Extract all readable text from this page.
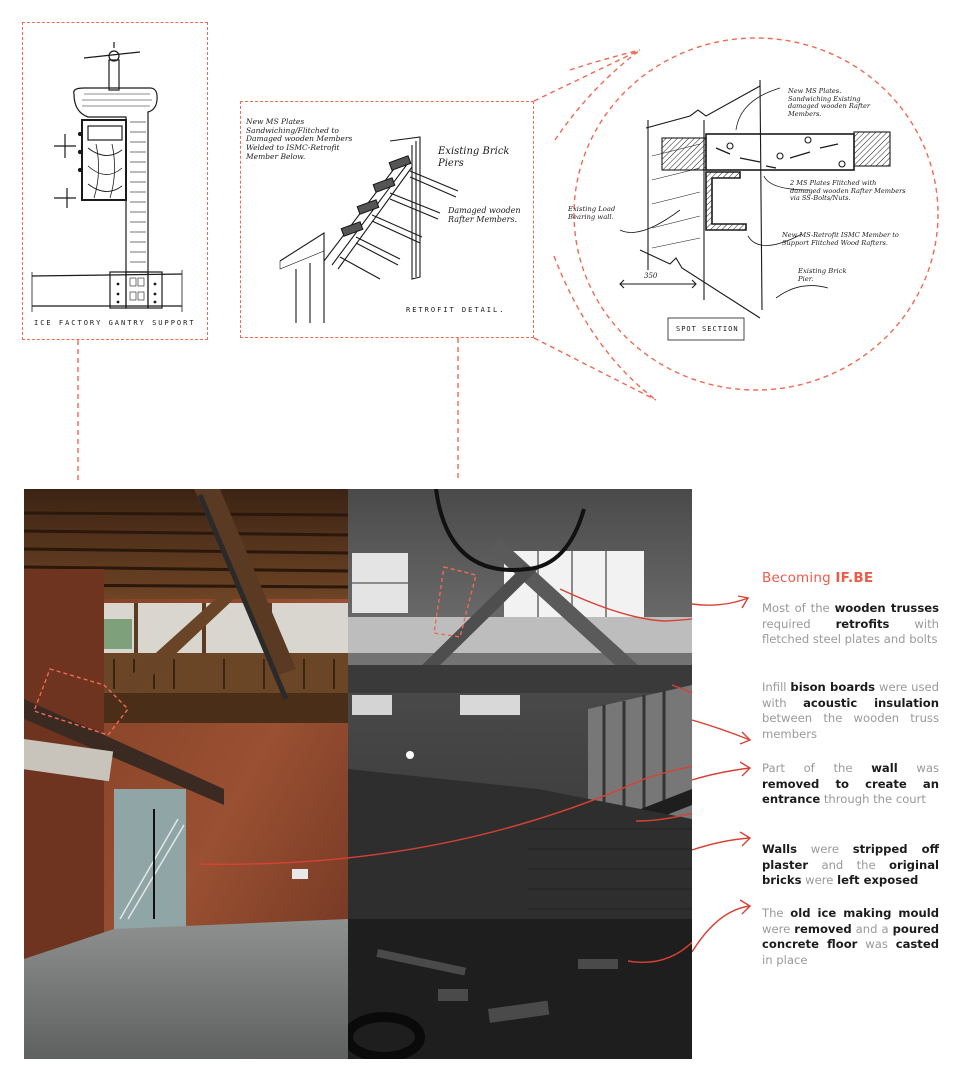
ICE FACTORY GANTRY SUPPORT
New MS Plates Sandwiching/Flitched to Damaged wooden Members Welded to ISMC-Retrofit Member Below.	Existing Brick Piers
Damaged wooden Rafter Members.
RETROFIT DETAIL.
New MS Plates. Sandwiching Existing damaged wooden Rafter Members.
2 MS Plates Flitched with damaged wooden Rafter Members via SS-Bolts/Nuts.
Existing Load Bearing wall.
New MS-Retrofit ISMC Member to Support Flitched Wood Rafters.
Existing Brick Pier.
350
SPOT SECTION
Becoming IF.BE

Most of the wooden trusses required retrofits with fletched steel plates and bolts

Infill bison boards were used with acoustic insulation between the wooden truss members

Part of the wall was removed to create an entrance through the court

Walls were stripped off plaster and the original bricks were left exposed

The old ice making mould were removed and a poured concrete floor was casted in place
